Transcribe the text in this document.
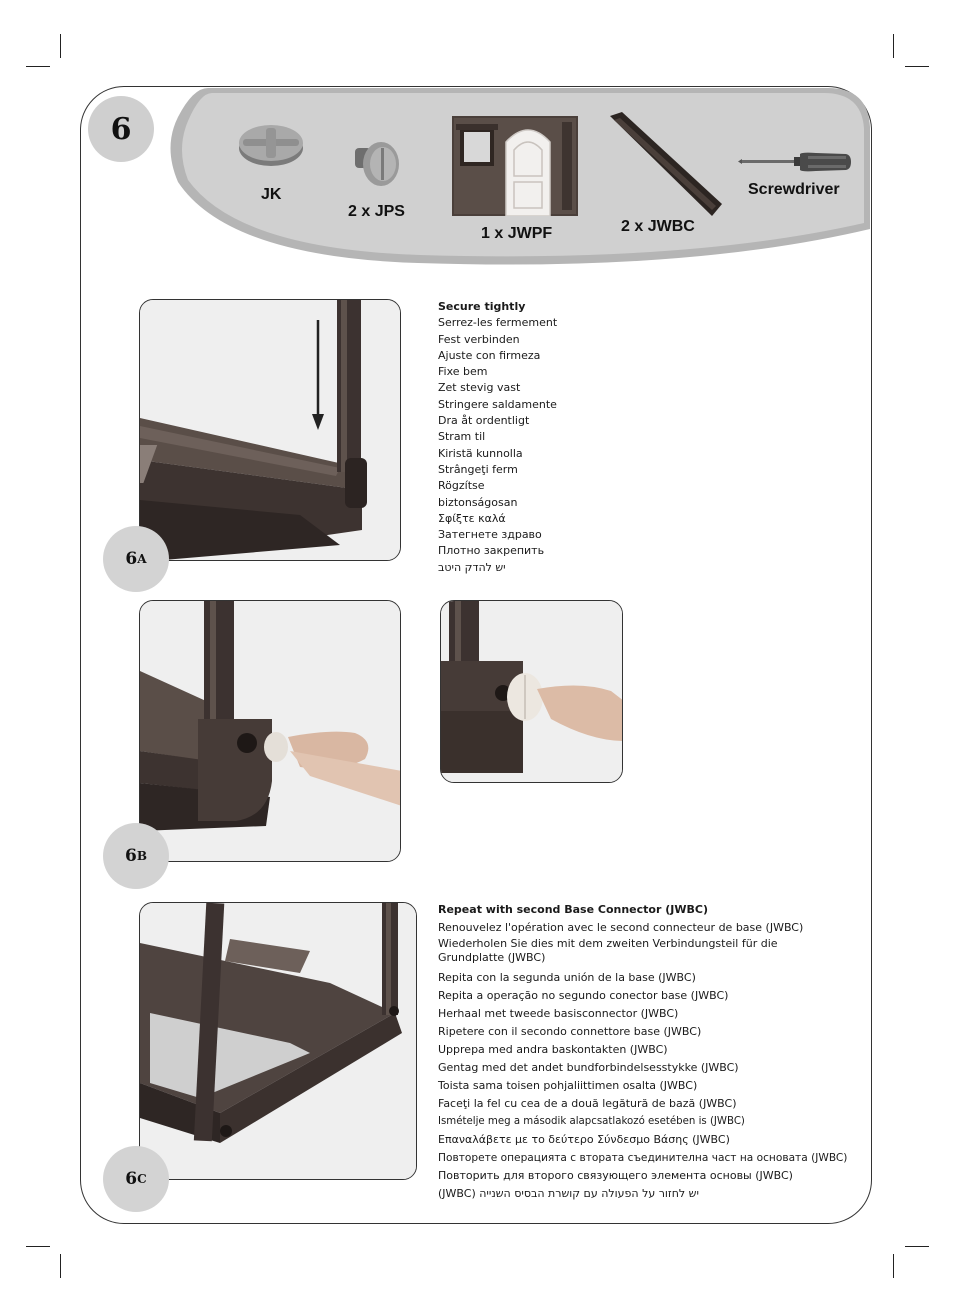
6
JK
2 x JPS
1 x JWPF	2 x JWBC
Screwdriver
6 A
Secure tightly
Serrez-les fermement
Fest verbinden
Ajuste con firmeza
Fixe bem
Zet stevig vast
Stringere saldamente
Dra åt ordentligt
Stram til
Kiristä kunnolla
Strângeţi ferm
Rögzítse
biztonságosan
Σφίξτε καλά
Затегнете здраво
Плотно закрепить
יש להדק היטב
6 B
6 C
Repeat with second Base Connector (JWBC)
Renouvelez l'opération avec le second connecteur de base (JWBC)
Wiederholen Sie dies mit dem zweiten Verbindungsteil für die Grundplatte (JWBC)
Repita con la segunda unión de la base (JWBC)
Repita a operação no segundo conector base (JWBC)
Herhaal met tweede basisconnector (JWBC)
Ripetere con il secondo connettore base (JWBC)
Upprepa med andra baskontakten (JWBC)
Gentag med det andet bundforbindelsesstykke (JWBC)
Toista sama toisen pohjaliittimen osalta (JWBC)
Faceţi la fel cu cea de a două legătură de bază (JWBC)
Ismételje meg a második alapcsatlakozó esetében is (JWBC)
Επαναλάβετε με το δεύτερο Σύνδεσμο Βάσης (JWBC)
Повторете операцията с втората съединителна част на основата (JWBC)
Повторить для второго связующего элемента основы (JWBC)
יש לחזור על הפעולה עם קושרת הבסיס השנייה (JWBC)
